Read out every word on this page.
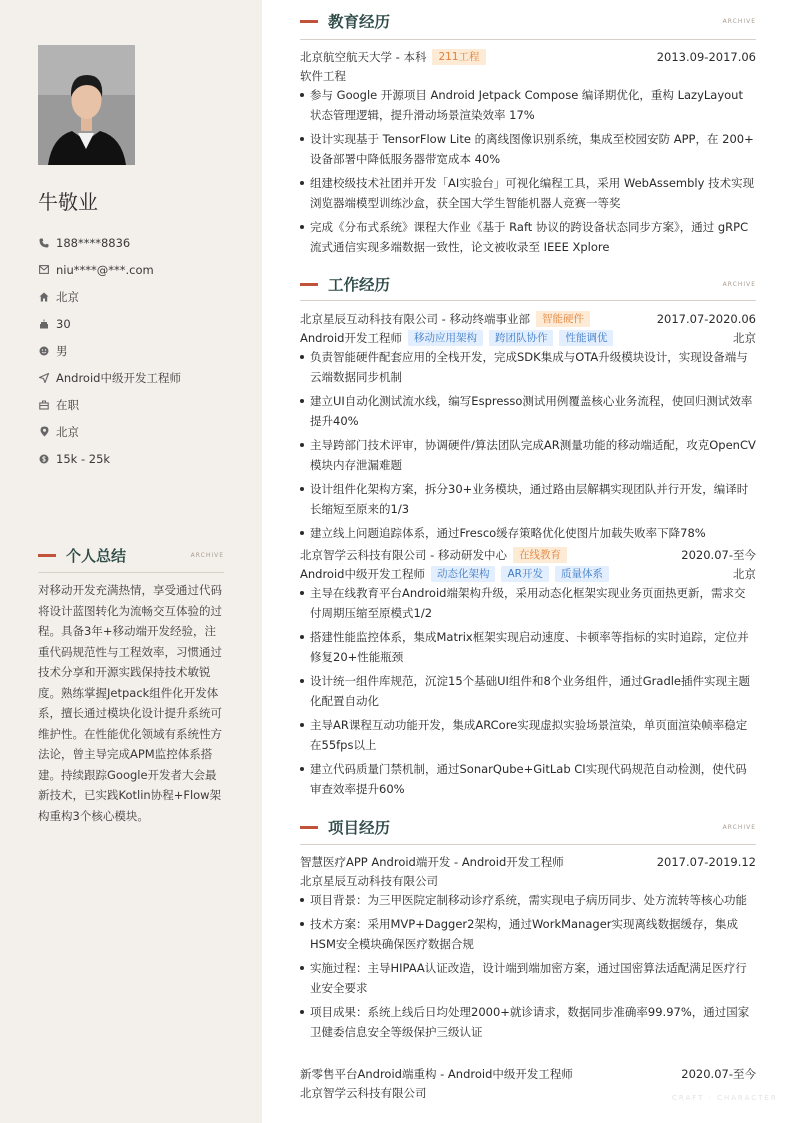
牛敬业
188****8836
niu****@***.com
北京
30
男
Android中级开发工程师
在职
北京
15k - 25k
个人总结	ARCHIVE

对移动开发充满热情，享受通过代码将设计蓝图转化为流畅交互体验的过程。具备3年+移动端开发经验，注重代码规范性与工程效率，习惯通过技术分享和开源实践保持技术敏锐度。熟练掌握Jetpack组件化开发体系，擅长通过模块化设计提升系统可维护性。在性能优化领域有系统性方法论，曾主导完成APM监控体系搭建。持续跟踪Google开发者大会最新技术，已实践Kotlin协程+Flow架构重构3个核心模块。

教育经历	ARCHIVE
北京航空航天大学 - 本科	211工程	2013.09-2017.06
软件工程
参与 Google 开源项目 Android Jetpack Compose 编译期优化，重构 LazyLayout 状态管理逻辑，提升滑动场景渲染效率 17%
设计实现基于 TensorFlow Lite 的离线图像识别系统，集成至校园安防 APP，在 200+ 设备部署中降低服务器带宽成本 40%
组建校级技术社团并开发「AI实验台」可视化编程工具，采用 WebAssembly 技术实现浏览器端模型训练沙盒，获全国大学生智能机器人竞赛一等奖
完成《分布式系统》课程大作业《基于 Raft 协议的跨设备状态同步方案》，通过 gRPC 流式通信实现多端数据一致性，论文被收录至 IEEE Xplore
工作经历	ARCHIVE
北京星辰互动科技有限公司 - 移动终端事业部	智能硬件	2017.07-2020.06
Android开发工程师	移动应用架构	跨团队协作	性能调优	北京
负责智能硬件配套应用的全栈开发，完成SDK集成与OTA升级模块设计，实现设备端与云端数据同步机制
建立UI自动化测试流水线，编写Espresso测试用例覆盖核心业务流程，使回归测试效率提升40%
主导跨部门技术评审，协调硬件/算法团队完成AR测量功能的移动端适配，攻克OpenCV模块内存泄漏难题
设计组件化架构方案，拆分30+业务模块，通过路由层解耦实现团队并行开发，编译时长缩短至原来的1/3
建立线上问题追踪体系，通过Fresco缓存策略优化使图片加载失败率下降78%
北京智学云科技有限公司 - 移动研发中心	在线教育	2020.07-至今
Android中级开发工程师	动态化架构	AR开发	质量体系	北京
主导在线教育平台Android端架构升级，采用动态化框架实现业务页面热更新，需求交付周期压缩至原模式1/2
搭建性能监控体系，集成Matrix框架实现启动速度、卡顿率等指标的实时追踪，定位并修复20+性能瓶颈
设计统一组件库规范，沉淀15个基础UI组件和8个业务组件，通过Gradle插件实现主题化配置自动化
主导AR课程互动功能开发，集成ARCore实现虚拟实验场景渲染，单页面渲染帧率稳定在55fps以上
建立代码质量门禁机制，通过SonarQube+GitLab CI实现代码规范自动检测，使代码审查效率提升60%
项目经历	ARCHIVE
智慧医疗APP Android端开发 - Android开发工程师	2017.07-2019.12
北京星辰互动科技有限公司
项目背景：为三甲医院定制移动诊疗系统，需实现电子病历同步、处方流转等核心功能
技术方案：采用MVP+Dagger2架构，通过WorkManager实现离线数据缓存，集成HSM安全模块确保医疗数据合规
实施过程：主导HIPAA认证改造，设计端到端加密方案，通过国密算法适配满足医疗行业安全要求
项目成果：系统上线后日均处理2000+就诊请求，数据同步准确率99.97%，通过国家卫健委信息安全等级保护三级认证
新零售平台Android端重构 - Android中级开发工程师	2020.07-至今
北京智学云科技有限公司	CRAFT · CHARACTER
